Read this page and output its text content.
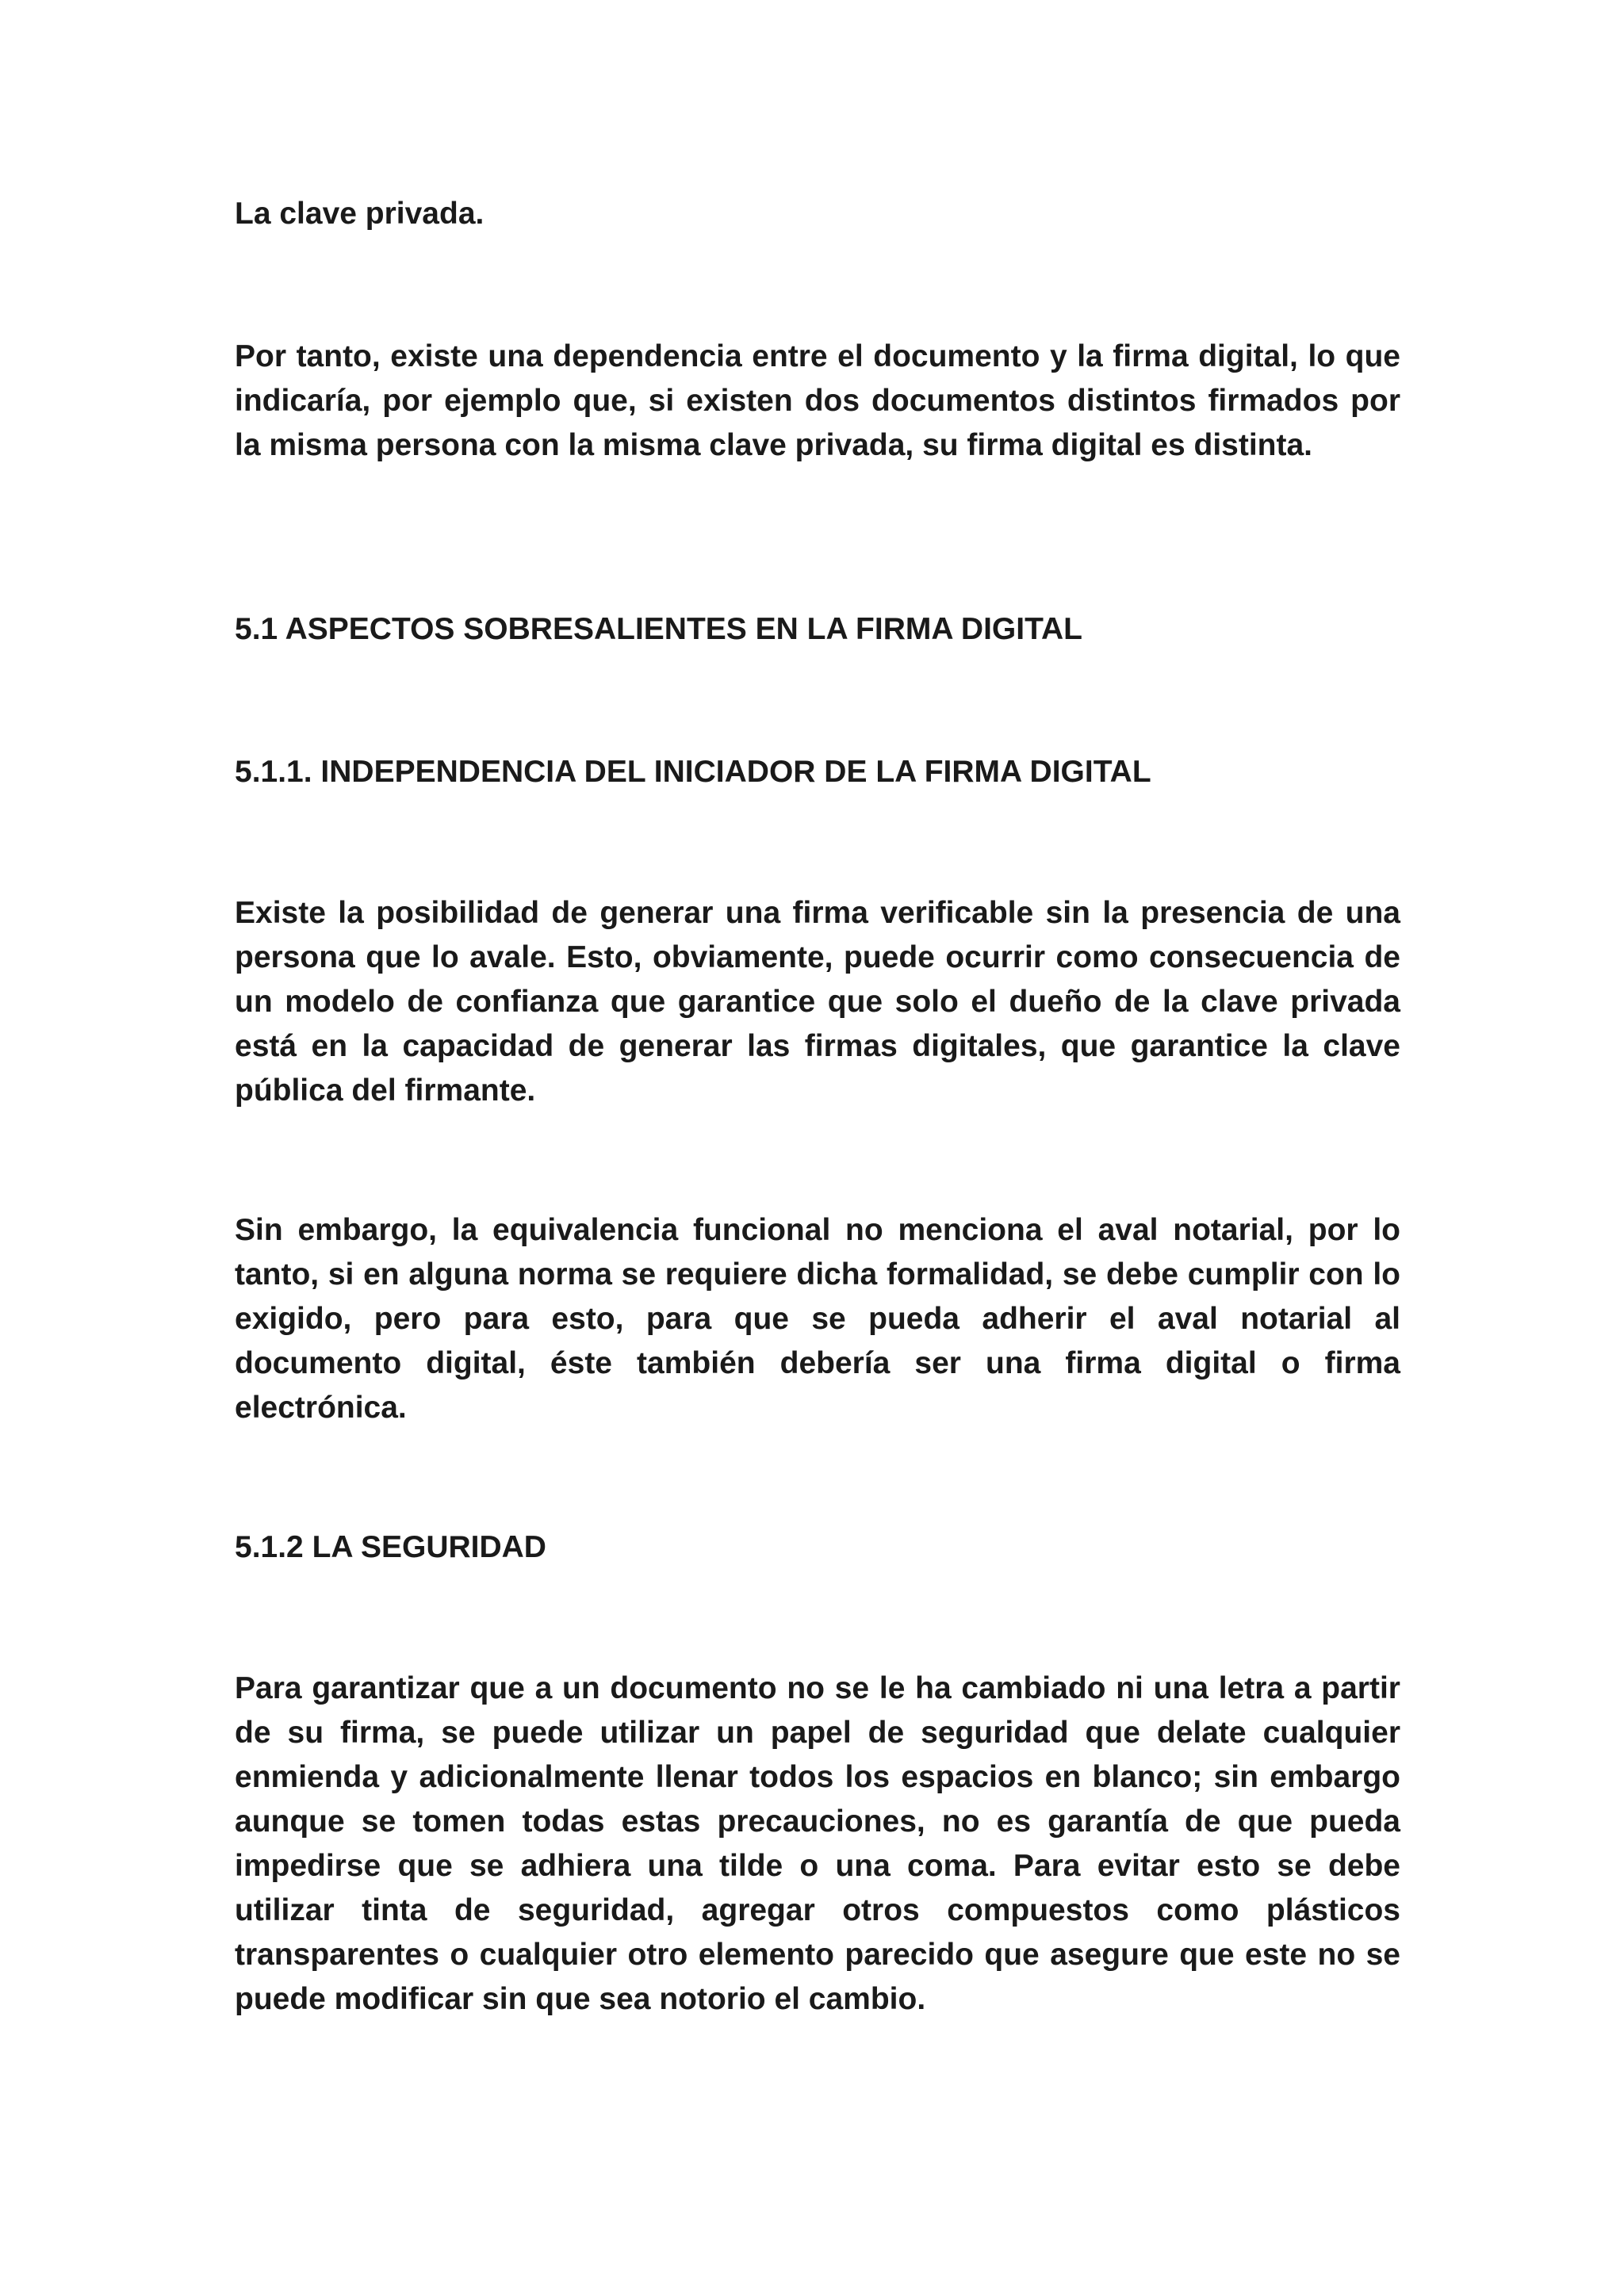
La clave privada.

Por tanto, existe una dependencia entre el documento y la firma digital, lo que indicaría, por ejemplo que, si existen dos documentos distintos firmados por la misma persona con la misma clave privada, su firma digital es distinta.

5.1 ASPECTOS SOBRESALIENTES EN LA FIRMA DIGITAL

5.1.1. INDEPENDENCIA DEL INICIADOR DE LA FIRMA DIGITAL

Existe la posibilidad de generar una firma verificable sin la presencia de una persona que lo avale. Esto, obviamente, puede ocurrir como consecuencia de un modelo de confianza que garantice que solo el dueño de la clave privada está en la capacidad de generar las firmas digitales, que garantice la clave pública del firmante.

Sin embargo, la equivalencia funcional no menciona el aval notarial, por lo tanto, si en alguna norma se requiere dicha formalidad, se debe cumplir con lo exigido, pero para esto, para que se pueda adherir el aval notarial al documento digital, éste también debería ser una firma digital o firma electrónica.

5.1.2 LA SEGURIDAD

Para garantizar que a un documento no se le ha cambiado ni una letra a partir de su firma, se puede utilizar un papel de seguridad que delate cualquier enmienda y adicionalmente llenar todos los espacios en blanco; sin embargo aunque se tomen todas estas precauciones, no es garantía de que pueda impedirse que se adhiera una tilde o una coma. Para evitar esto se debe utilizar tinta de seguridad, agregar otros compuestos como plásticos transparentes o cualquier otro elemento parecido que asegure que este no se puede modificar sin que sea notorio el cambio.
